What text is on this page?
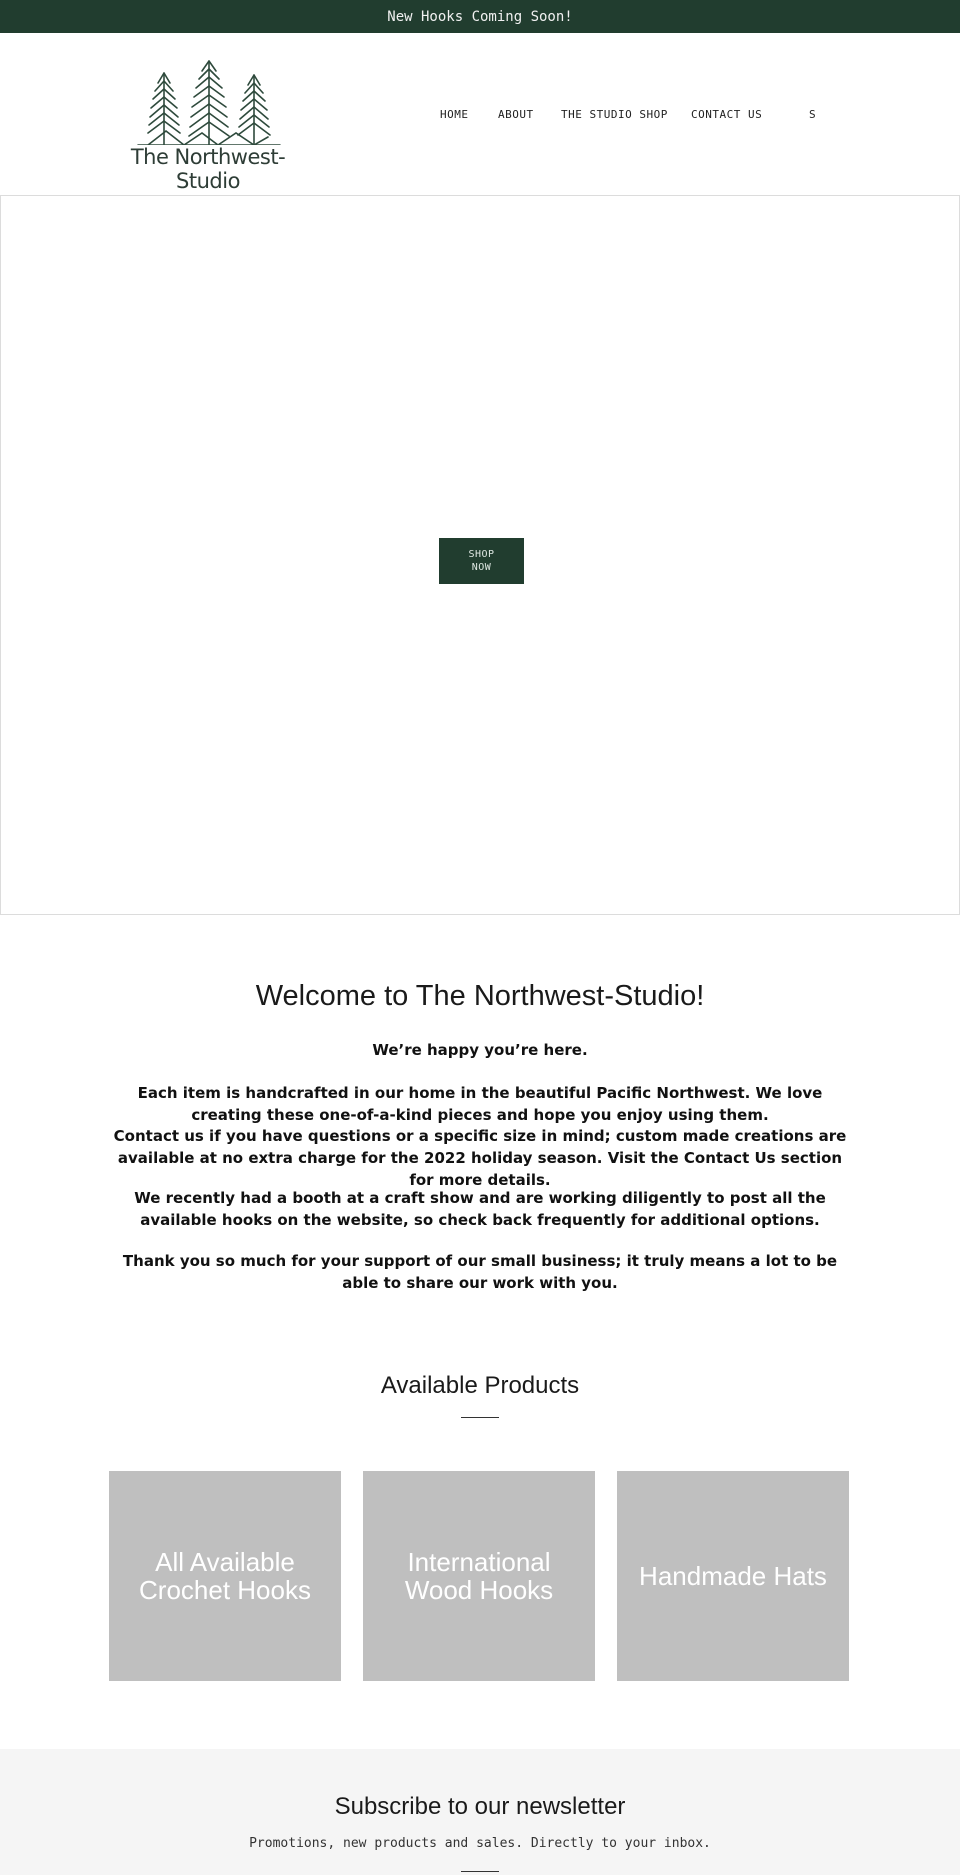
New Hooks Coming Soon!
The Northwest-Studio
HOME	ABOUT THE STUDIO SHOP CONTACT US	S
SHOP NOW
Welcome to The Northwest-Studio!

We’re happy you’re here.

Each item is handcrafted in our home in the beautiful Pacific Northwest. We love creating these one-of-a-kind pieces and hope you enjoy using them.

Contact us if you have questions or a specific size in mind; custom made creations are available at no extra charge for the 2022 holiday season. Visit the Contact Us section for more details.

We recently had a booth at a craft show and are working diligently to post all the available hooks on the website, so check back frequently for additional options.

Thank you so much for your support of our small business; it truly means a lot to be able to share our work with you.

Available Products
All Available Crochet Hooks
International Wood Hooks	Handmade Hats
Subscribe to our newsletter
Promotions, new products and sales. Directly to your inbox.
